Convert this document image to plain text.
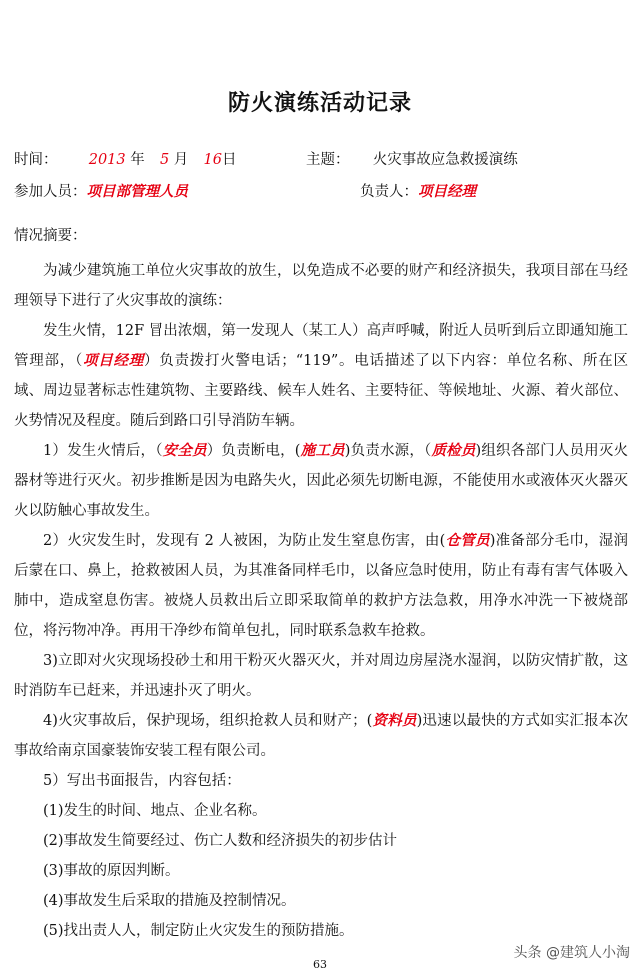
防火演练活动记录
时间： 2013 年 5 月 16日	主题： 火灾事故应急救援演练
参加人员：项目部管理人员	负责人：项目经理
情况摘要：

为减少建筑施工单位火灾事故的放生，以免造成不必要的财产和经济损失，我项目部在马经理领导下进行了火灾事故的演练：

发生火情，12F 冒出浓烟，第一发现人（某工人）高声呼喊，附近人员听到后立即通知施工管理部，（项目经理）负责拨打火警电话；“119”。电话描述了以下内容：单位名称、所在区域、周边显著标志性建筑物、主要路线、候车人姓名、主要特征、等候地址、火源、着火部位、火势情况及程度。随后到路口引导消防车辆。

1）发生火情后，（安全员）负责断电，(施工员)负责水源，（质检员)组织各部门人员用灭火器材等进行灭火。初步推断是因为电路失火，因此必须先切断电源，不能使用水或液体灭火器灭火以防触心事故发生。

2）火灾发生时，发现有 2 人被困，为防止发生窒息伤害，由(仓管员)准备部分毛巾，湿润后蒙在口、鼻上，抢救被困人员，为其准备同样毛巾，以备应急时使用，防止有毒有害气体吸入肺中，造成窒息伤害。被烧人员救出后立即采取简单的救护方法急救，用净水冲洗一下被烧部位，将污物冲净。再用干净纱布简单包扎，同时联系急救车抢救。

3)立即对火灾现场投砂土和用干粉灭火器灭火，并对周边房屋浇水湿润，以防灾情扩散，这时消防车已赶来，并迅速扑灭了明火。

4)火灾事故后，保护现场，组织抢救人员和财产；(资料员)迅速以最快的方式如实汇报本次事故给南京国豪装饰安装工程有限公司。

5）写出书面报告，内容包括：

(1)发生的时间、地点、企业名称。

(2)事故发生简要经过、伤亡人数和经济损失的初步估计

(3)事故的原因判断。

(4)事故发生后采取的措施及控制情况。

(5)找出责人人，制定防止火灾发生的预防措施。

头条 @建筑人小淘
63
